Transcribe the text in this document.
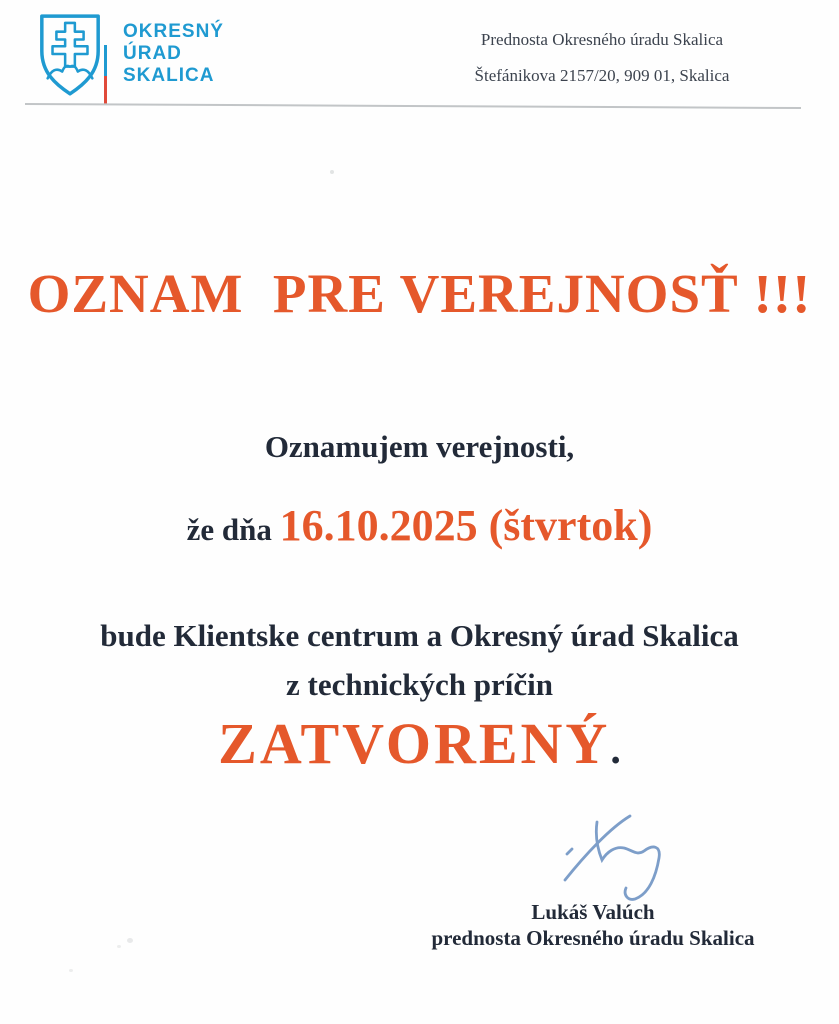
OKRESNÝ
ÚRAD
SKALICA

Prednosta Okresného úradu Skalica

Štefánikova 2157/20, 909 01, Skalica

OZNAM  PRE VEREJNOSŤ !!!

Oznamujem verejnosti,

že dňa 16.10.2025 (štvrtok)

bude Klientske centrum a Okresný úrad Skalica

z technických príčin

ZATVORENÝ.

Lukáš Valúch

prednosta Okresného úradu Skalica
